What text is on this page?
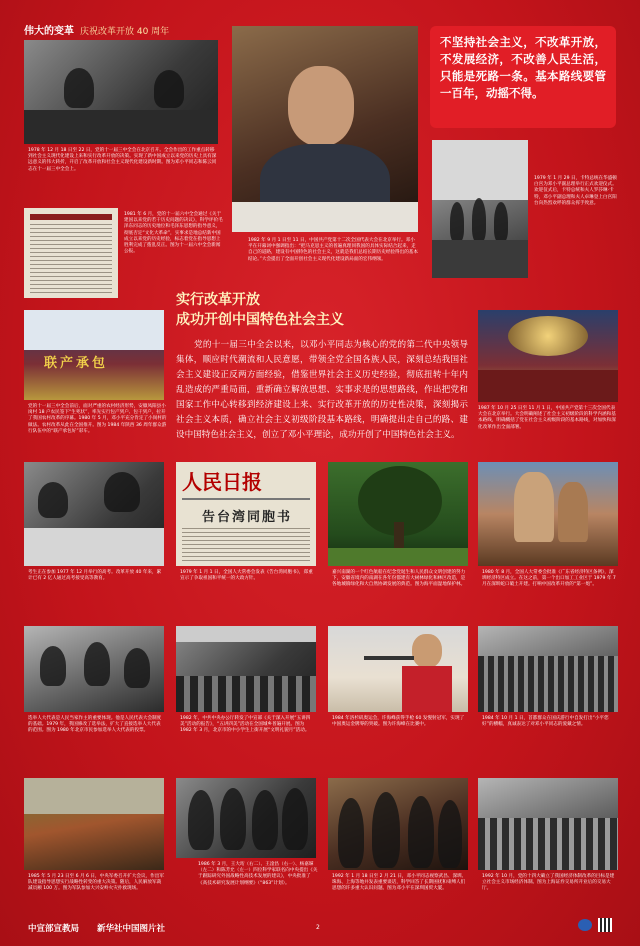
伟大的变革 庆祝改革开放 40 周年
1978 年 12 月 18 日至 22 日，党的十一届三中全会在北京召开。全会作出的工作重点转移到社会主义现代化建设上来和实行改革开放的决策。实现了新中国成立以来党的历史上具有深远意义的伟大转折，开启了改革开放和社会主义现代化建设新时期。图为邓小平同志和陈云同志在十一届三中全会上。
不坚持社会主义，不改革开放，不发展经济，不改善人民生活，只能是死路一条。基本路线要管一百年，动摇不得。
1981 年 6 月，党的十一届六中全会通过《关于建国以来党的若干历史问题的决议》，科学评价毛泽东同志的历史地位和毛泽东思想的指导意义，彻底否定“文化大革命”，实事求是地总结新中国成立以来党的历史经验，标志着党在指导思想上胜利完成了拨乱反正。图为十一届六中全会新闻公报。
1982 年 9 月 1 日至 11 日，中国共产党第十二次全国代表大会在北京举行。邓小平在开幕词中强调指出：“把马克思主义的普遍真理同我国的具体实际结合起来，走自己的道路，建设有中国特色的社会主义，这就是我们总结长期历史经验得出的基本结论。”大会提出了全面开创社会主义现代化建设新局面的宏伟纲领。
1979 年 1 月 29 日，卡特总统在华盛顿白宫为邓小平副总理举行正式欢迎仪式。欢迎仪式后，卡特总统和夫人罗莎琳·卡特，邓小平副总理和夫人卓琳登上白宫阳台向热烈欢呼的群众挥手致意。
实行改革开放
成功开创中国特色社会主义
党的十一届三中全会以来，以邓小平同志为核心的党的第二代中央领导集体，顺应时代潮流和人民意愿，带领全党全国各族人民，深刻总结我国社会主义建设正反两方面经验，借鉴世界社会主义历史经验，彻底扭转十年内乱造成的严重局面，重新确立解放思想、实事求是的思想路线，作出把党和国家工作中心转移到经济建设上来、实行改革开放的历史性决策，深刻揭示社会主义本质，确立社会主义初级阶段基本路线，明确提出走自己的路、建设中国特色社会主义，创立了邓小平理论，成功开创了中国特色社会主义。
联产承包
党的十一届三中全会前后，面对严重的农村经济形势，安徽凤阳县小岗村 18 户农民签下“生死状”，率先实行包产到户、包干到户，拉开了我国农村改革的序幕。1980 年 5 月，邓小平充分肯定了小岗村的做法。农村改革从此在全国推开。图为 1984 年陕西 36 周年群众游行队伍中的“联产承包好”彩车。
1987 年 10 月 25 日至 11 月 1 日，中国共产党第十三次全国代表大会在北京举行。大会明确阐述了社会主义初级阶段的科学内涵和基本路线，明确概括了党在社会主义初级阶段的基本路线，对加快和深化改革作出全面部署。
考生正在参加 1977 年 12 月举行的高考。改革开放 40 年来，累计已有 2 亿人通过高考接受高等教育。
人民日报
告台湾同胞书
1979 年 1 月 1 日，全国人大常委会发表《告台湾同胞书》，郑重宣示了争取祖国和平统一的大政方针。
嘉兴南湖的一个红色航船在纪念党诞生和人民群众文明创建的努力下，安徽省境内的南湖在各年份都建有大树林绿化和林区改造，是各地城镇绿化和大自然协调发展的典范。图为海平面湿地保护林。
1980 年 8 月，全国人大常委会批准《广东省经济特区条例》，深圳经济特区成立。在这之前，第一个出口加工工业区于 1979 年 7 月在深圳蛇口破土开建。打响中国改革开放的“第一炮”。
选举人大代表是人民当家作主的重要体现。他是人民代表大会制度的基础。1979 年，我国修改了选举法，扩大了直接选举人大代表的范围。图为 1980 年北京市民参加选举人大代表的投票。
1982 年，中共中央办公厅转发了中宣部《关于深入开展“五讲四美”活动的报告》，“五讲四美”活动在全国城乡普遍开展。图为 1982 年 3 月，北京市的中小学生上街开展“文明礼貌月”活动。
1984 年洛杉矶奥运会，许海峰获得手枪 60 发慢射冠军，实现了中国奥运金牌零的突破。图为许海峰在比赛中。
1984 年 10 月 1 日，首都群众在国庆游行中自发打出“小平您好”的横幅，真诚表达了对邓小平同志的爱戴之情。
1985 年 5 月 23 日至 6 月 6 日，中央军委召开扩大会议，作出军队建设指导思想实行战略性转变的重大决策。随后，人民解放军裁减员额 100 万。图为军队参加大兴安岭火灾扑救现场。
1986 年 3 月，王大珩（右二）、王淦昌（右一）、杨嘉墀（左二）和陈芳允（左一）四位科学家联名向中央提出《关于跟踪研究外国战略性高技术发展的建议》，中央批准了《高技术研究发展计划纲要》（“863”计划）。
1992 年 1 月 18 日至 2 月 21 日，邓小平同志视察武昌、深圳、珠海、上海等地并发表重要谈话，科学回答了长期困扰和束缚人们思想的许多重大认识问题。图为邓小平在深圳国贸大厦。
1992 年 10 月，党的十四大确立了我国经济体制改革的目标是建立社会主义市场经济体制。图为上海证券交易所开业后的交易大厅。
中宣部宣教局 新华社中国图片社	2
